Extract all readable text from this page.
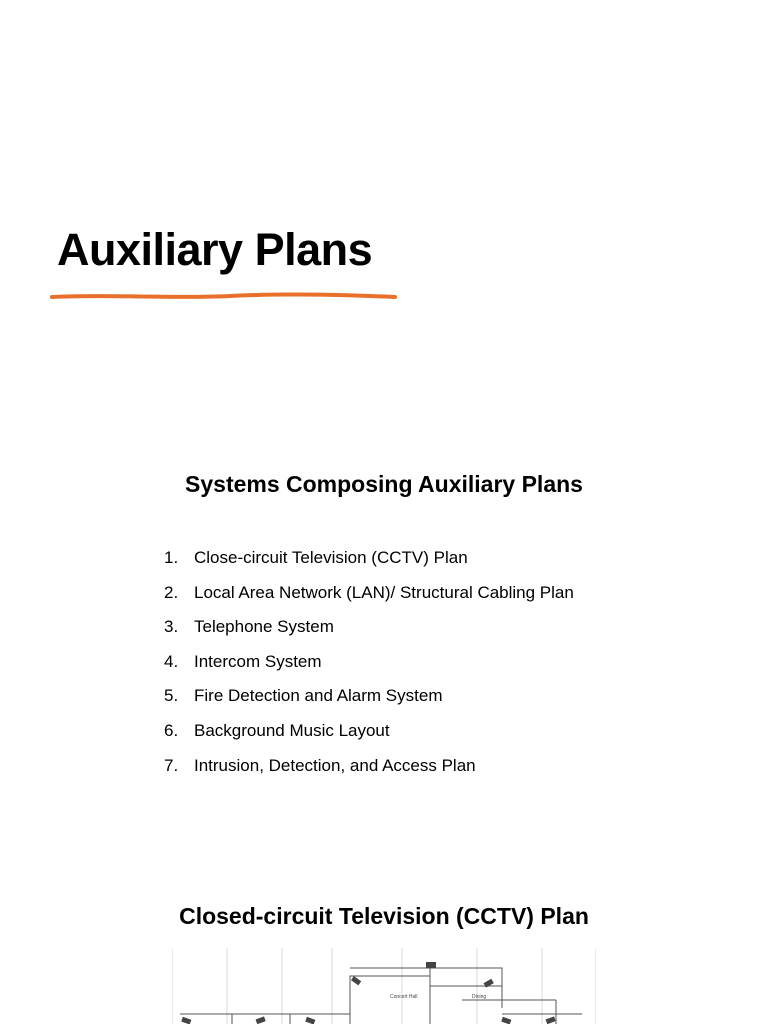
Auxiliary Plans
Systems Composing Auxiliary Plans
1. Close-circuit Television (CCTV) Plan
2. Local Area Network (LAN)/ Structural Cabling Plan
3. Telephone System
4. Intercom System
5. Fire Detection and Alarm System
6. Background Music Layout
7. Intrusion, Detection, and Access Plan
Closed-circuit Television (CCTV) Plan
Concert Hall	Dining
